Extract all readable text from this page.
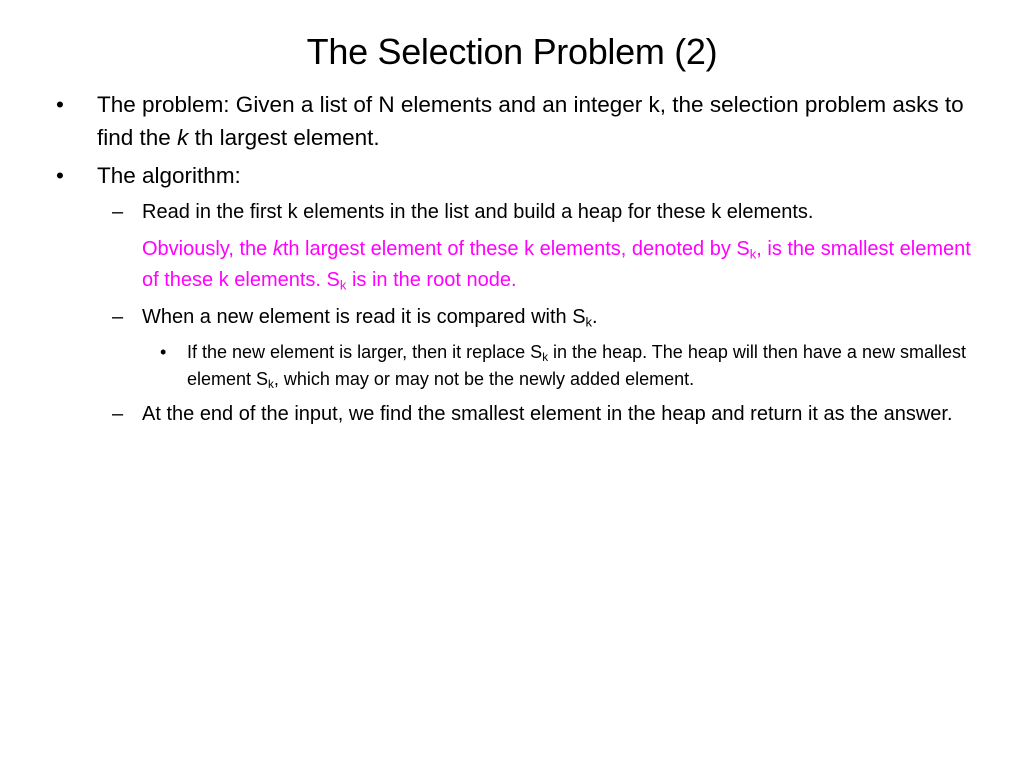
The Selection Problem (2)
• The problem: Given a list of N elements and an integer k, the selection problem asks to find the k th largest element.
• The algorithm:
– Read in the first k elements in the list and build a heap for these k elements.
Obviously, the kth largest element of these k elements, denoted by $S_k$, is the smallest element of these k elements. $S_k$ is in the root node.
– When a new element is read it is compared with $S_k$.
• If the new element is larger, then it replace $S_k$ in the heap. The heap will then have a new smallest element $S_k$, which may or may not be the newly added element.
– At the end of the input, we find the smallest element in the heap and return it as the answer.
